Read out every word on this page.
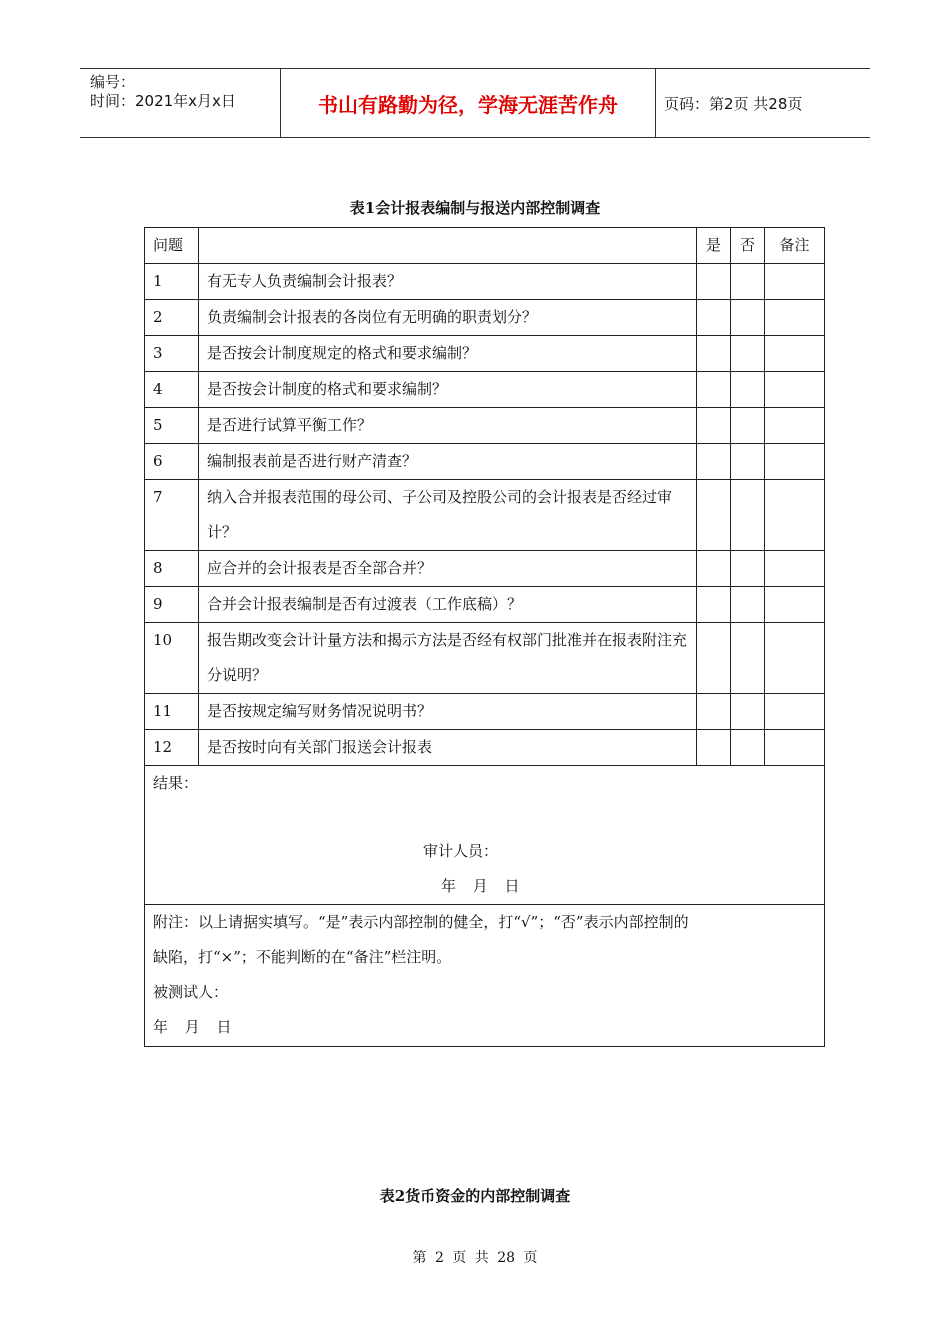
编号：
时间：2021年x月x日	书山有路勤为径，学海无涯苦作舟	页码：第2页 共28页
表1会计报表编制与报送内部控制调查
问题		是	否	备注
1	有无专人负责编制会计报表？			
2	负责编制会计报表的各岗位有无明确的职责划分？			
3	是否按会计制度规定的格式和要求编制？			
4	是否按会计制度的格式和要求编制？			
5	是否进行试算平衡工作？			
6	编制报表前是否进行财产清查？			
7	纳入合并报表范围的母公司、子公司及控股公司的会计报表是否经过审计？			
8	应合并的会计报表是否全部合并？			
9	合并会计报表编制是否有过渡表（工作底稿）？			
10	报告期改变会计计量方法和揭示方法是否经有权部门批准并在报表附注充分说明？			
11	是否按规定编写财务情况说明书？			
12	是否按时向有关部门报送会计报表			

结果：
审计人员：
年 月 日				

附注：以上请据实填写。“是”表示内部控制的健全，打“√”；“否”表示内部控制的
缺陷，打“×”；不能判断的在“备注”栏注明。
被测试人：
年 月 日				
表2货币资金的内部控制调查
第 2 页 共 28 页
